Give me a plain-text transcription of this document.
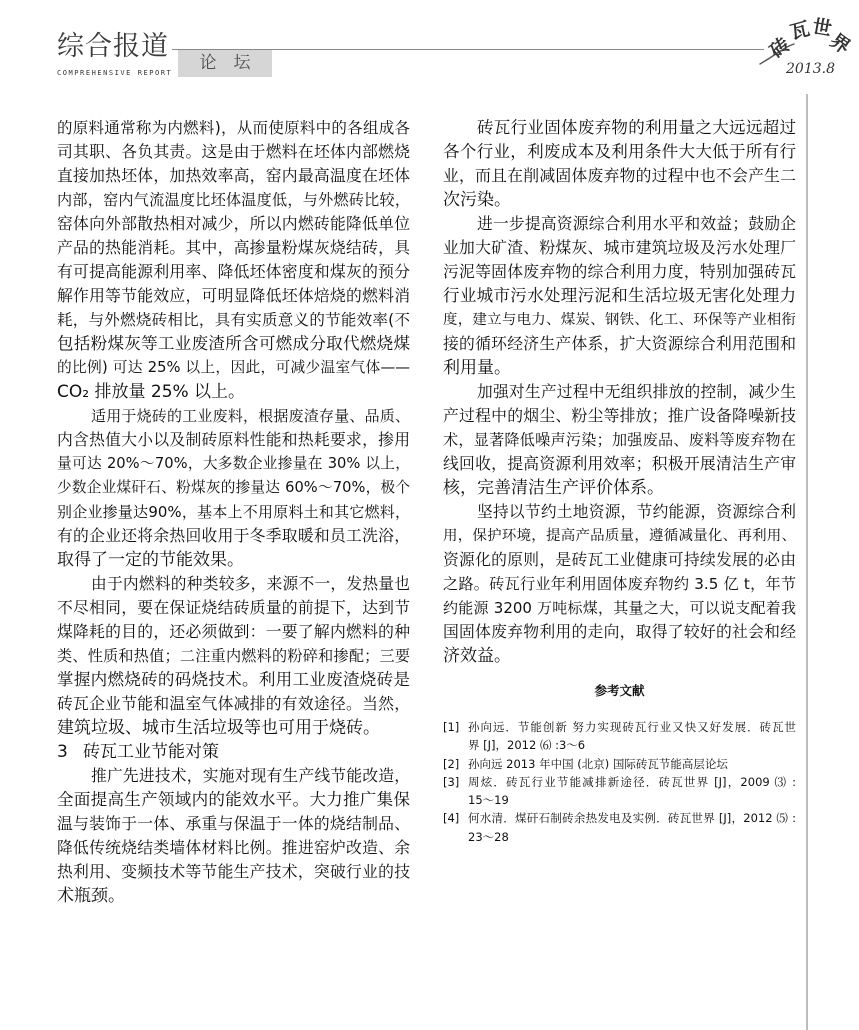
综合报道
COMPREHENSIVE REPORT	论　坛
砖
瓦
世
界
2013.8
的原料通常称为内燃料)，从而使原料中的各组成各
司其职、各负其责。这是由于燃料在坯体内部燃烧
直接加热坯体，加热效率高，窑内最高温度在坯体
内部，窑内气流温度比坯体温度低，与外燃砖比较，
窑体向外部散热相对减少，所以内燃砖能降低单位
产品的热能消耗。其中，高掺量粉煤灰烧结砖，具
有可提高能源利用率、降低坯体密度和煤灰的预分
解作用等节能效应，可明显降低坯体焙烧的燃料消
耗，与外燃烧砖相比，具有实质意义的节能效率(不
包括粉煤灰等工业废渣所含可燃成分取代燃烧煤
的比例) 可达 25% 以上，因此，可减少温室气体——
CO₂ 排放量 25% 以上。
适用于烧砖的工业废料，根据废渣存量、品质、
内含热值大小以及制砖原料性能和热耗要求，掺用
量可达 20%～70%，大多数企业掺量在 30% 以上，
少数企业煤矸石、粉煤灰的掺量达 60%～70%，极个
别企业掺量达90%，基本上不用原料土和其它燃料，
有的企业还将余热回收用于冬季取暖和员工洗浴，
取得了一定的节能效果。
由于内燃料的种类较多，来源不一，发热量也
不尽相同，要在保证烧结砖质量的前提下，达到节
煤降耗的目的，还必须做到：一要了解内燃料的种
类、性质和热值；二注重内燃料的粉碎和掺配；三要
掌握内燃烧砖的码烧技术。利用工业废渣烧砖是
砖瓦企业节能和温室气体减排的有效途径。当然，
建筑垃圾、城市生活垃圾等也可用于烧砖。
3 砖瓦工业节能对策
推广先进技术，实施对现有生产线节能改造，
全面提高生产领域内的能效水平。大力推广集保
温与装饰于一体、承重与保温于一体的烧结制品、
降低传统烧结类墙体材料比例。推进窑炉改造、余
热利用、变频技术等节能生产技术，突破行业的技
术瓶颈。
砖瓦行业固体废弃物的利用量之大远远超过
各个行业，利废成本及利用条件大大低于所有行
业，而且在削减固体废弃物的过程中也不会产生二
次污染。
进一步提高资源综合利用水平和效益；鼓励企
业加大矿渣、粉煤灰、城市建筑垃圾及污水处理厂
污泥等固体废弃物的综合利用力度，特别加强砖瓦
行业城市污水处理污泥和生活垃圾无害化处理力
度，建立与电力、煤炭、钢铁、化工、环保等产业相衔
接的循环经济生产体系，扩大资源综合利用范围和
利用量。
加强对生产过程中无组织排放的控制，减少生
产过程中的烟尘、粉尘等排放；推广设备降噪新技
术，显著降低噪声污染；加强废品、废料等废弃物在
线回收，提高资源利用效率；积极开展清洁生产审
核，完善清洁生产评价体系。
坚持以节约土地资源，节约能源，资源综合利
用，保护环境，提高产品质量，遵循减量化、再利用、
资源化的原则，是砖瓦工业健康可持续发展的必由
之路。砖瓦行业年利用固体废弃物约 3.5 亿 t，年节
约能源 3200 万吨标煤，其量之大，可以说支配着我
国固体废弃物利用的走向，取得了较好的社会和经
济效益。
参考文献
[1] 孙向远．节能创新 努力实现砖瓦行业又快又好发展．砖瓦世
界 [J]，2012 ⑹ :3～6
[2] 孙向远 2013 年中国 (北京) 国际砖瓦节能高层论坛
[3] 周炫．砖瓦行业节能减排新途径．砖瓦世界 [J]，2009 ⑶ :
15～19
[4] 何水清．煤矸石制砖余热发电及实例．砖瓦世界 [J]，2012 ⑸ :
23～28
